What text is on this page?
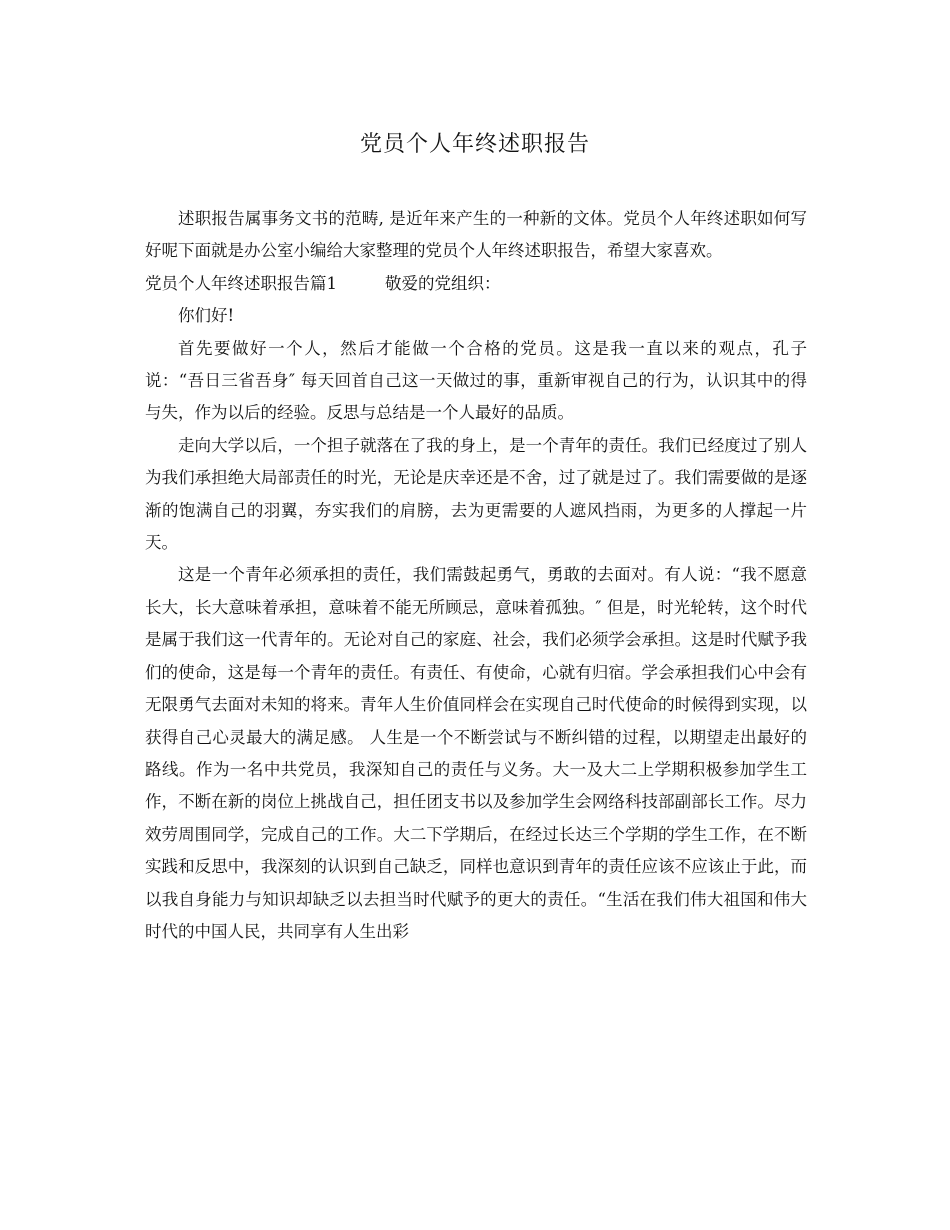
党员个人年终述职报告

述职报告属事务文书的范畴, 是近年来产生的一种新的文体。党员个人年终述职如何写好呢下面就是办公室小编给大家整理的党员个人年终述职报告，希望大家喜欢。

党员个人年终述职报告篇1	敬爱的党组织：

你们好!

首先要做好一个人，然后才能做一个合格的党员。这是我一直以来的观点，孔子说：“吾日三省吾身″ 每天回首自己这一天做过的事，重新审视自己的行为，认识其中的得与失，作为以后的经验。反思与总结是一个人最好的品质。

走向大学以后，一个担子就落在了我的身上，是一个青年的责任。我们已经度过了别人为我们承担绝大局部责任的时光，无论是庆幸还是不舍，过了就是过了。我们需要做的是逐渐的饱满自己的羽翼，夯实我们的肩膀，去为更需要的人遮风挡雨，为更多的人撑起一片天。

这是一个青年必须承担的责任，我们需鼓起勇气，勇敢的去面对。有人说：“我不愿意长大，长大意味着承担，意味着不能无所顾忌，意味着孤独。″ 但是，时光轮转，这个时代是属于我们这一代青年的。无论对自己的家庭、社会，我们必须学会承担。这是时代赋予我们的使命，这是每一个青年的责任。有责任、有使命，心就有归宿。学会承担我们心中会有无限勇气去面对未知的将来。青年人生价值同样会在实现自己时代使命的时候得到实现，以获得自己心灵最大的满足感。 人生是一个不断尝试与不断纠错的过程，以期望走出最好的路线。作为一名中共党员，我深知自己的责任与义务。大一及大二上学期积极参加学生工作，不断在新的岗位上挑战自己，担任团支书以及参加学生会网络科技部副部长工作。尽力效劳周围同学，完成自己的工作。大二下学期后，在经过长达三个学期的学生工作，在不断实践和反思中，我深刻的认识到自己缺乏，同样也意识到青年的责任应该不应该止于此，而以我自身能力与知识却缺乏以去担当时代赋予的更大的责任。“生活在我们伟大祖国和伟大时代的中国人民，共同享有人生出彩
